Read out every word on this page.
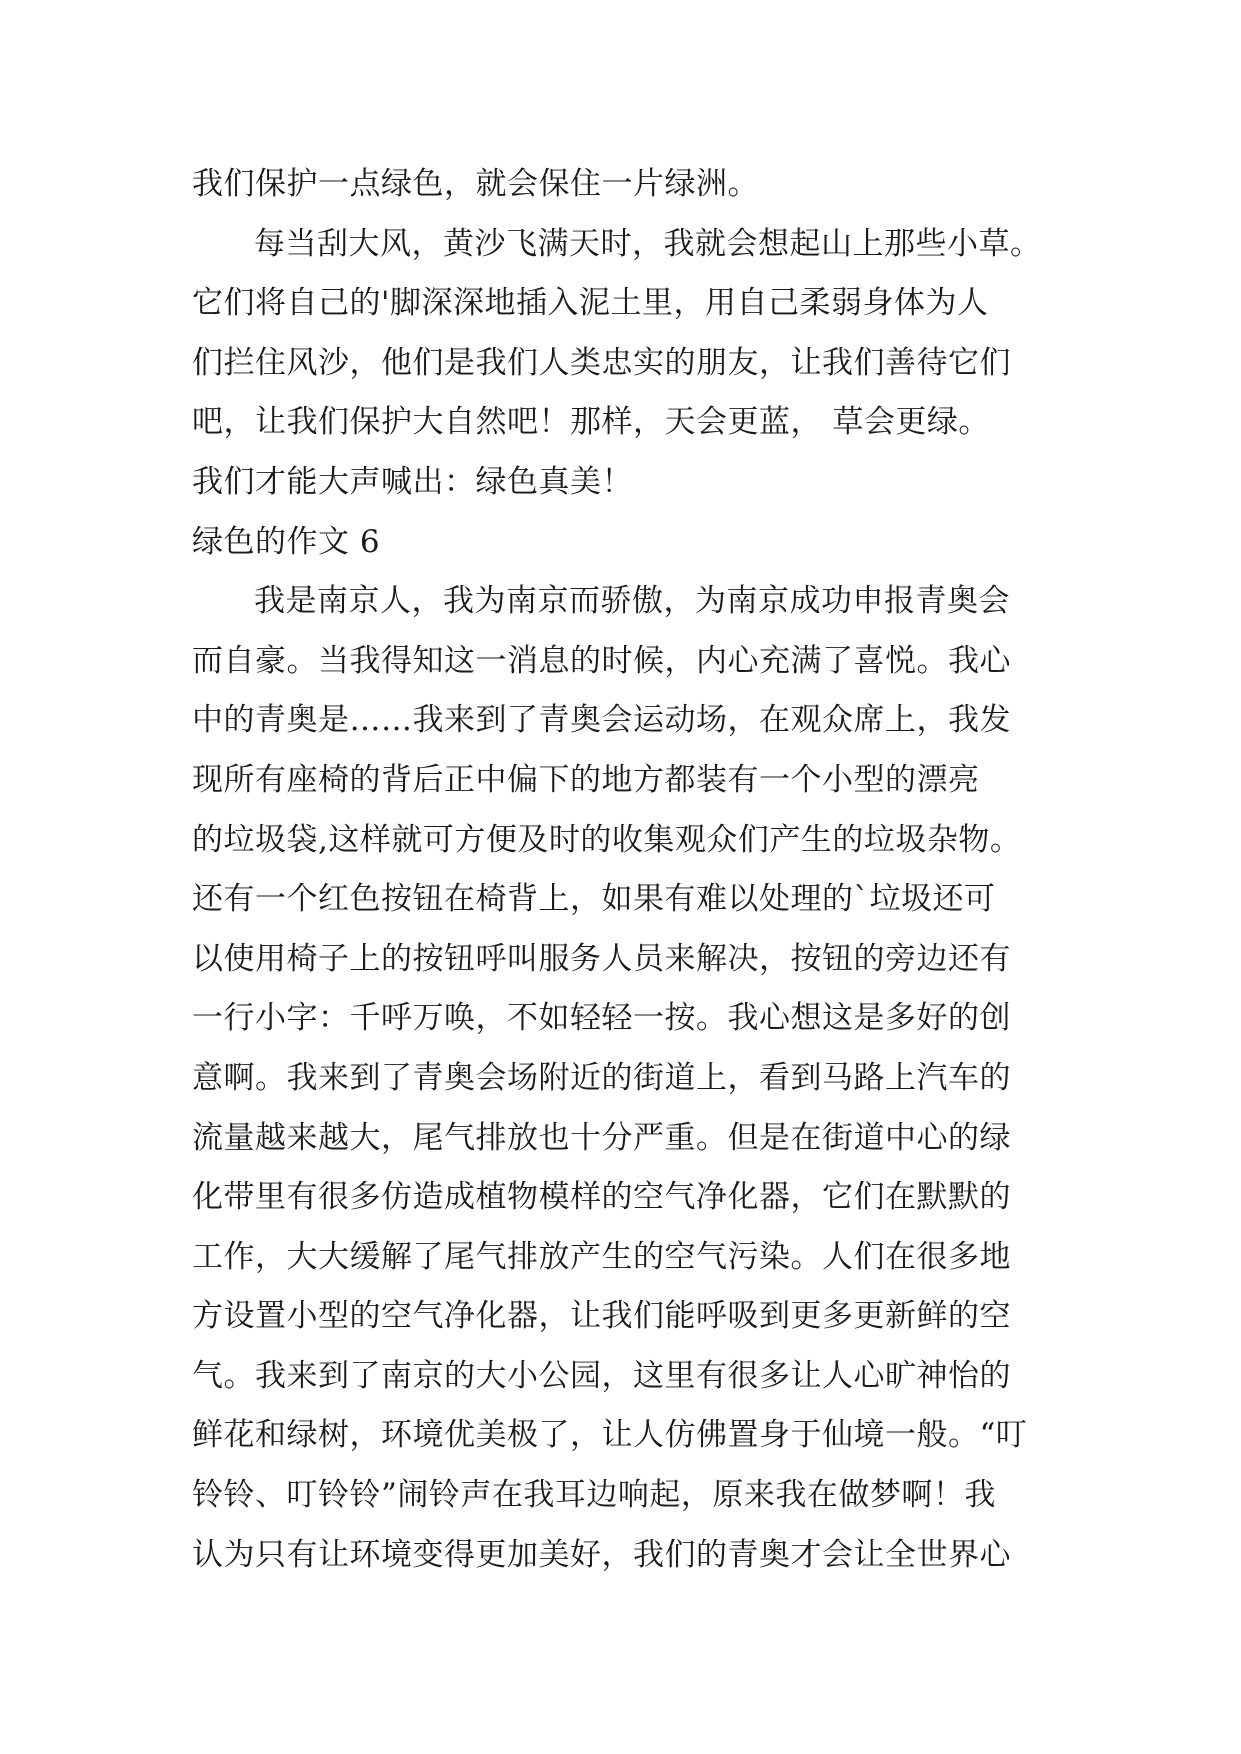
我们保护一点绿色，就会保住一片绿洲。
每当刮大风，黄沙飞满天时，我就会想起山上那些小草。
它们将自己的'脚深深地插入泥土里，用自己柔弱身体为人
们拦住风沙，他们是我们人类忠实的朋友，让我们善待它们
吧，让我们保护大自然吧！那样，天会更蓝， 草会更绿。
我们才能大声喊出：绿色真美！
绿色的作文 6
我是南京人，我为南京而骄傲，为南京成功申报青奥会
而自豪。当我得知这一消息的时候，内心充满了喜悦。我心
中的青奥是……我来到了青奥会运动场，在观众席上，我发
现所有座椅的背后正中偏下的地方都装有一个小型的漂亮
的垃圾袋,这样就可方便及时的收集观众们产生的垃圾杂物。
还有一个红色按钮在椅背上，如果有难以处理的`垃圾还可
以使用椅子上的按钮呼叫服务人员来解决，按钮的旁边还有
一行小字：千呼万唤，不如轻轻一按。我心想这是多好的创
意啊。我来到了青奥会场附近的街道上，看到马路上汽车的
流量越来越大，尾气排放也十分严重。但是在街道中心的绿
化带里有很多仿造成植物模样的空气净化器，它们在默默的
工作，大大缓解了尾气排放产生的空气污染。人们在很多地
方设置小型的空气净化器，让我们能呼吸到更多更新鲜的空
气。我来到了南京的大小公园，这里有很多让人心旷神怡的
鲜花和绿树，环境优美极了，让人仿佛置身于仙境一般。“叮
铃铃、叮铃铃”闹铃声在我耳边响起，原来我在做梦啊！我
认为只有让环境变得更加美好，我们的青奥才会让全世界心
